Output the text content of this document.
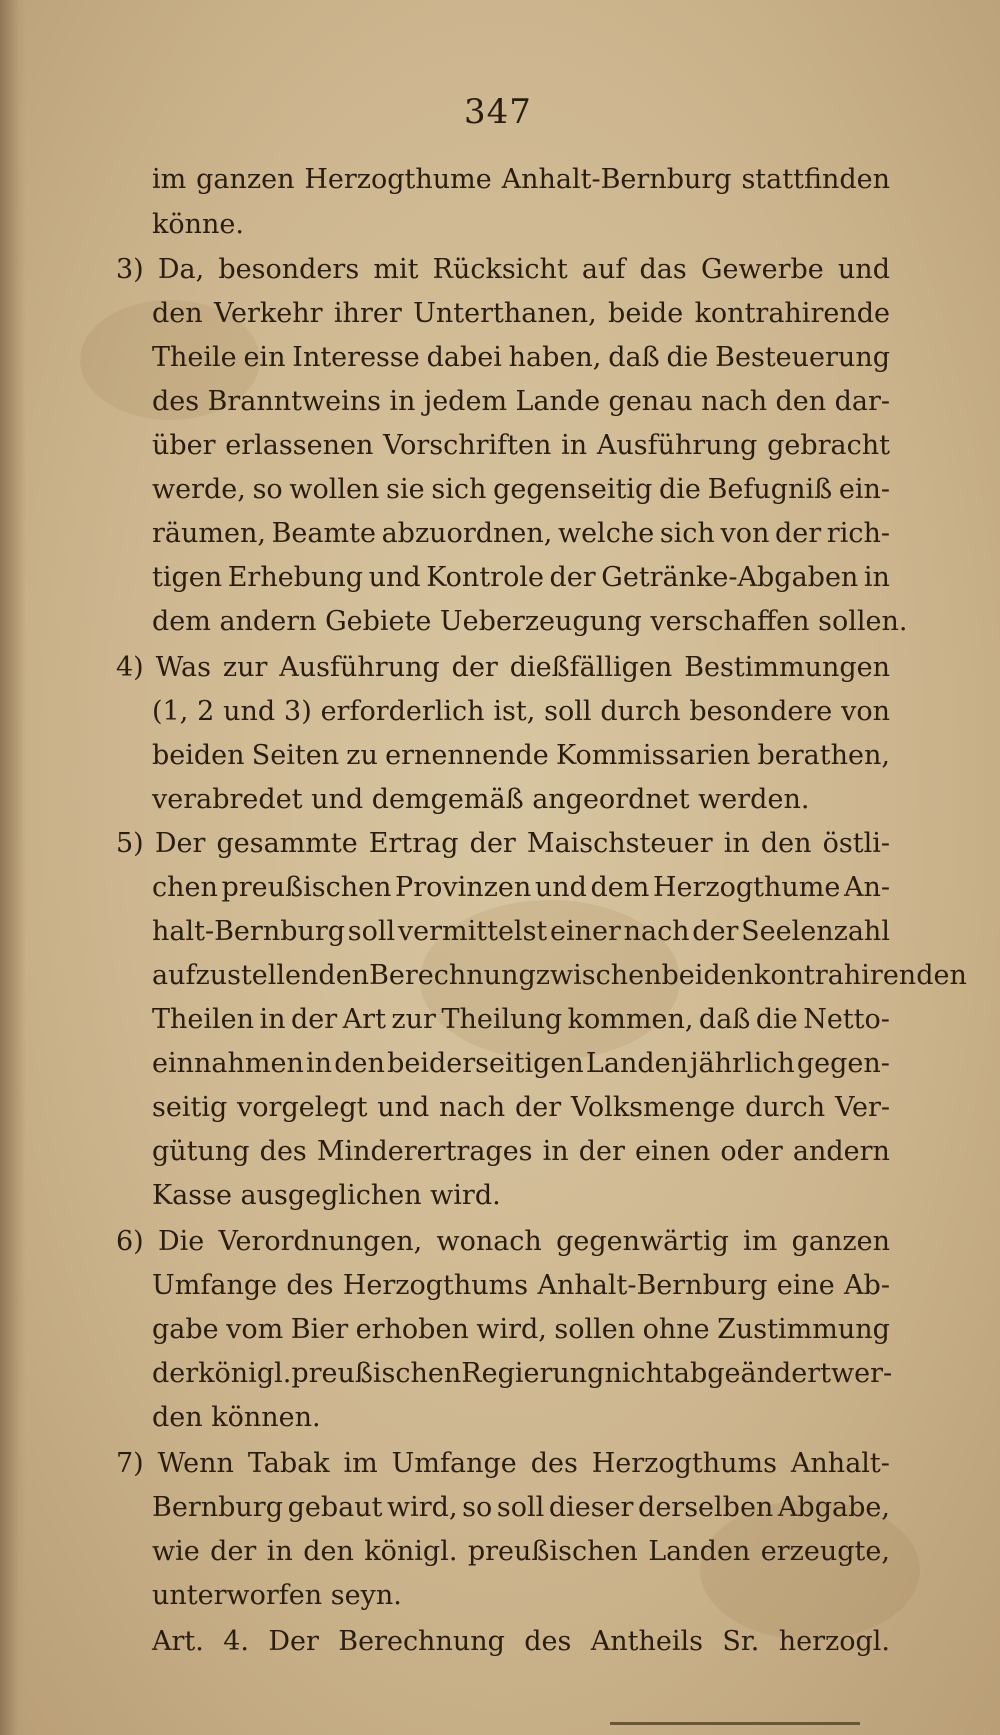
347
im ganzen Herzogthume Anhalt-Bernburg stattfinden
könne.
3) Da, besonders mit Rücksicht auf das Gewerbe und
den Verkehr ihrer Unterthanen, beide kontrahirende
Theile ein Interesse dabei haben, daß die Besteuerung
des Branntweins in jedem Lande genau nach den dar-
über erlassenen Vorschriften in Ausführung gebracht
werde, so wollen sie sich gegenseitig die Befugniß ein-
räumen, Beamte abzuordnen, welche sich von der rich-
tigen Erhebung und Kontrole der Getränke-Abgaben in
dem andern Gebiete Ueberzeugung verschaffen sollen.
4) Was zur Ausführung der dießfälligen Bestimmungen
(1, 2 und 3) erforderlich ist, soll durch besondere von
beiden Seiten zu ernennende Kommissarien berathen,
verabredet und demgemäß angeordnet werden.
5) Der gesammte Ertrag der Maischsteuer in den östli-
chen preußischen Provinzen und dem Herzogthume An-
halt-Bernburg soll vermittelst einer nach der Seelenzahl
aufzustellenden Berechnung zwischen beiden kontrahirenden
Theilen in der Art zur Theilung kommen, daß die Netto-
einnahmen in den beiderseitigen Landen jährlich gegen-
seitig vorgelegt und nach der Volksmenge durch Ver-
gütung des Minderertrages in der einen oder andern
Kasse ausgeglichen wird.
6) Die Verordnungen, wonach gegenwärtig im ganzen
Umfange des Herzogthums Anhalt-Bernburg eine Ab-
gabe vom Bier erhoben wird, sollen ohne Zustimmung
der königl. preußischen Regierung nicht abgeändert wer-
den können.
7) Wenn Tabak im Umfange des Herzogthums Anhalt-
Bernburg gebaut wird, so soll dieser derselben Abgabe,
wie der in den königl. preußischen Landen erzeugte,
unterworfen seyn.
Art. 4. Der Berechnung des Antheils Sr. herzogl.
